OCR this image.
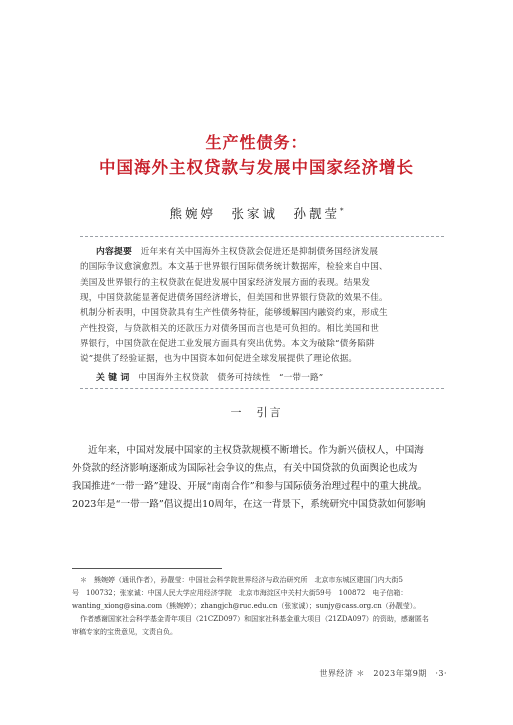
生产性债务：
中国海外主权贷款与发展中国家经济增长
熊婉婷　张家诚　孙靓莹*
内容提要　 近年来有关中国海外主权贷款会促进还是抑制债务国经济发展
的国际争议愈演愈烈。本文基于世界银行国际债务统计数据库，检验来自中国、
美国及世界银行的主权贷款在促进发展中国家经济发展方面的表现。结果发
现，中国贷款能显著促进债务国经济增长，但美国和世界银行贷款的效果不佳。
机制分析表明，中国贷款具有生产性债务特征，能够缓解国内融资约束，形成生
产性投资，与贷款相关的还款压力对债务国而言也是可负担的。相比美国和世
界银行，中国贷款在促进工业发展方面具有突出优势。本文为破除“债务陷阱
说”提供了经验证据，也为中国资本如何促进全球发展提供了理论依据。
关 键 词　 中国海外主权贷款　债务可持续性　“一带一路”
一　引言
近年来，中国对发展中国家的主权贷款规模不断增长。作为新兴债权人，中国海
外贷款的经济影响逐渐成为国际社会争议的焦点，有关中国贷款的负面舆论也成为
我国推进“一带一路”建设、开展“南南合作”和参与国际债务治理过程中的重大挑战。
2023年是“一带一路”倡议提出10周年，在这一背景下，系统研究中国贷款如何影响
＊　熊婉婷（通讯作者），孙靓莹：中国社会科学院世界经济与政治研究所　北京市东城区建国门内大街5
号　100732；张家诚：中国人民大学应用经济学院　北京市海淀区中关村大街59号　100872　电子信箱：
wanting_xiong@sina.com（熊婉婷）；zhangjch@ruc.edu.cn（张家诚）；sunjy@cass.org.cn（孙靓莹）。
作者感谢国家社会科学基金青年项目（21CZD097）和国家社科基金重大项目（21ZDA097）的资助，感谢匿名
审稿专家的宝贵意见，文责自负。
世界经济 ＊　2023年第9期　·3·
